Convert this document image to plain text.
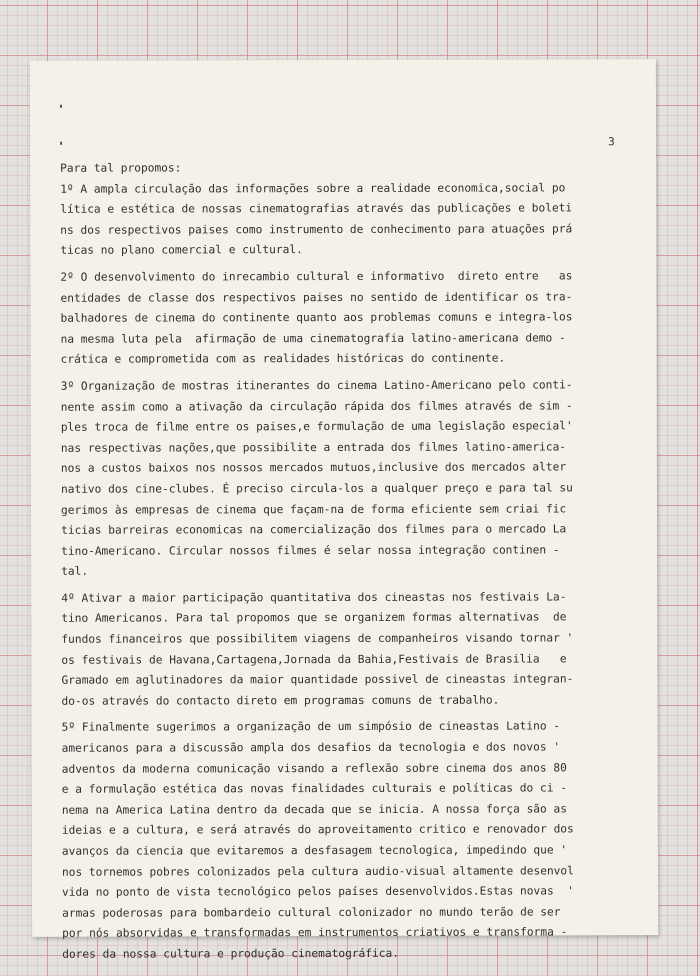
3
Para tal propomos:
1º A ampla circulação das informações sobre a realidade economica,social po
lítica e estética de nossas cinematografias através das publicações e boleti
ns dos respectivos paises como instrumento de conhecimento para atuações prá
ticas no plano comercial e cultural.
2º O desenvolvimento do inrecambio cultural e informativo  direto entre   as
entidades de classe dos respectivos paises no sentido de identificar os tra-
balhadores de cinema do continente quanto aos problemas comuns e integra-los
na mesma luta pela  afirmação de uma cinematografia latino-americana demo -
crática e comprometida com as realidades históricas do continente.
3º Organização de mostras itinerantes do cinema Latino-Americano pelo conti-
nente assim como a ativação da circulação rápida dos filmes através de sim -
ples troca de filme entre os paises,e formulação de uma legislação especial'
nas respectivas nações,que possibilite a entrada dos filmes latino-america-
nos a custos baixos nos nossos mercados mutuos,inclusive dos mercados alter
nativo dos cine-clubes. É preciso circula-los a qualquer preço e para tal su
gerimos às empresas de cinema que façam-na de forma eficiente sem criai fic
ticias barreiras economicas na comercialização dos filmes para o mercado La
tino-Americano. Circular nossos filmes é selar nossa integração continen -
tal.
4º Ativar a maior participação quantitativa dos cineastas nos festivais La-
tino Americanos. Para tal propomos que se organizem formas alternativas  de
fundos financeiros que possibilitem viagens de companheiros visando tornar '
os festivais de Havana,Cartagena,Jornada da Bahia,Festivais de Brasilia   e
Gramado em aglutinadores da maior quantidade possivel de cineastas integran-
do-os através do contacto direto em programas comuns de trabalho.
5º Finalmente sugerimos a organização de um simpósio de cineastas Latino -
americanos para a discussão ampla dos desafios da tecnologia e dos novos '
adventos da moderna comunicação visando a reflexão sobre cinema dos anos 80
e a formulação estética das novas finalidades culturais e políticas do ci -
nema na America Latina dentro da decada que se inicia. A nossa força são as
ideias e a cultura, e será através do aproveitamento critico e renovador dos
avanços da ciencia que evitaremos a desfasagem tecnologica, impedindo que '
nos tornemos pobres colonizados pela cultura audio-visual altamente desenvol
vida no ponto de vista tecnológico pelos países desenvolvidos.Estas novas  '
armas poderosas para bombardeio cultural colonizador no mundo terão de ser
por nós absorvidas e transformadas em instrumentos criativos e transforma -
dores da nossa cultura e produção cinematográfica.
